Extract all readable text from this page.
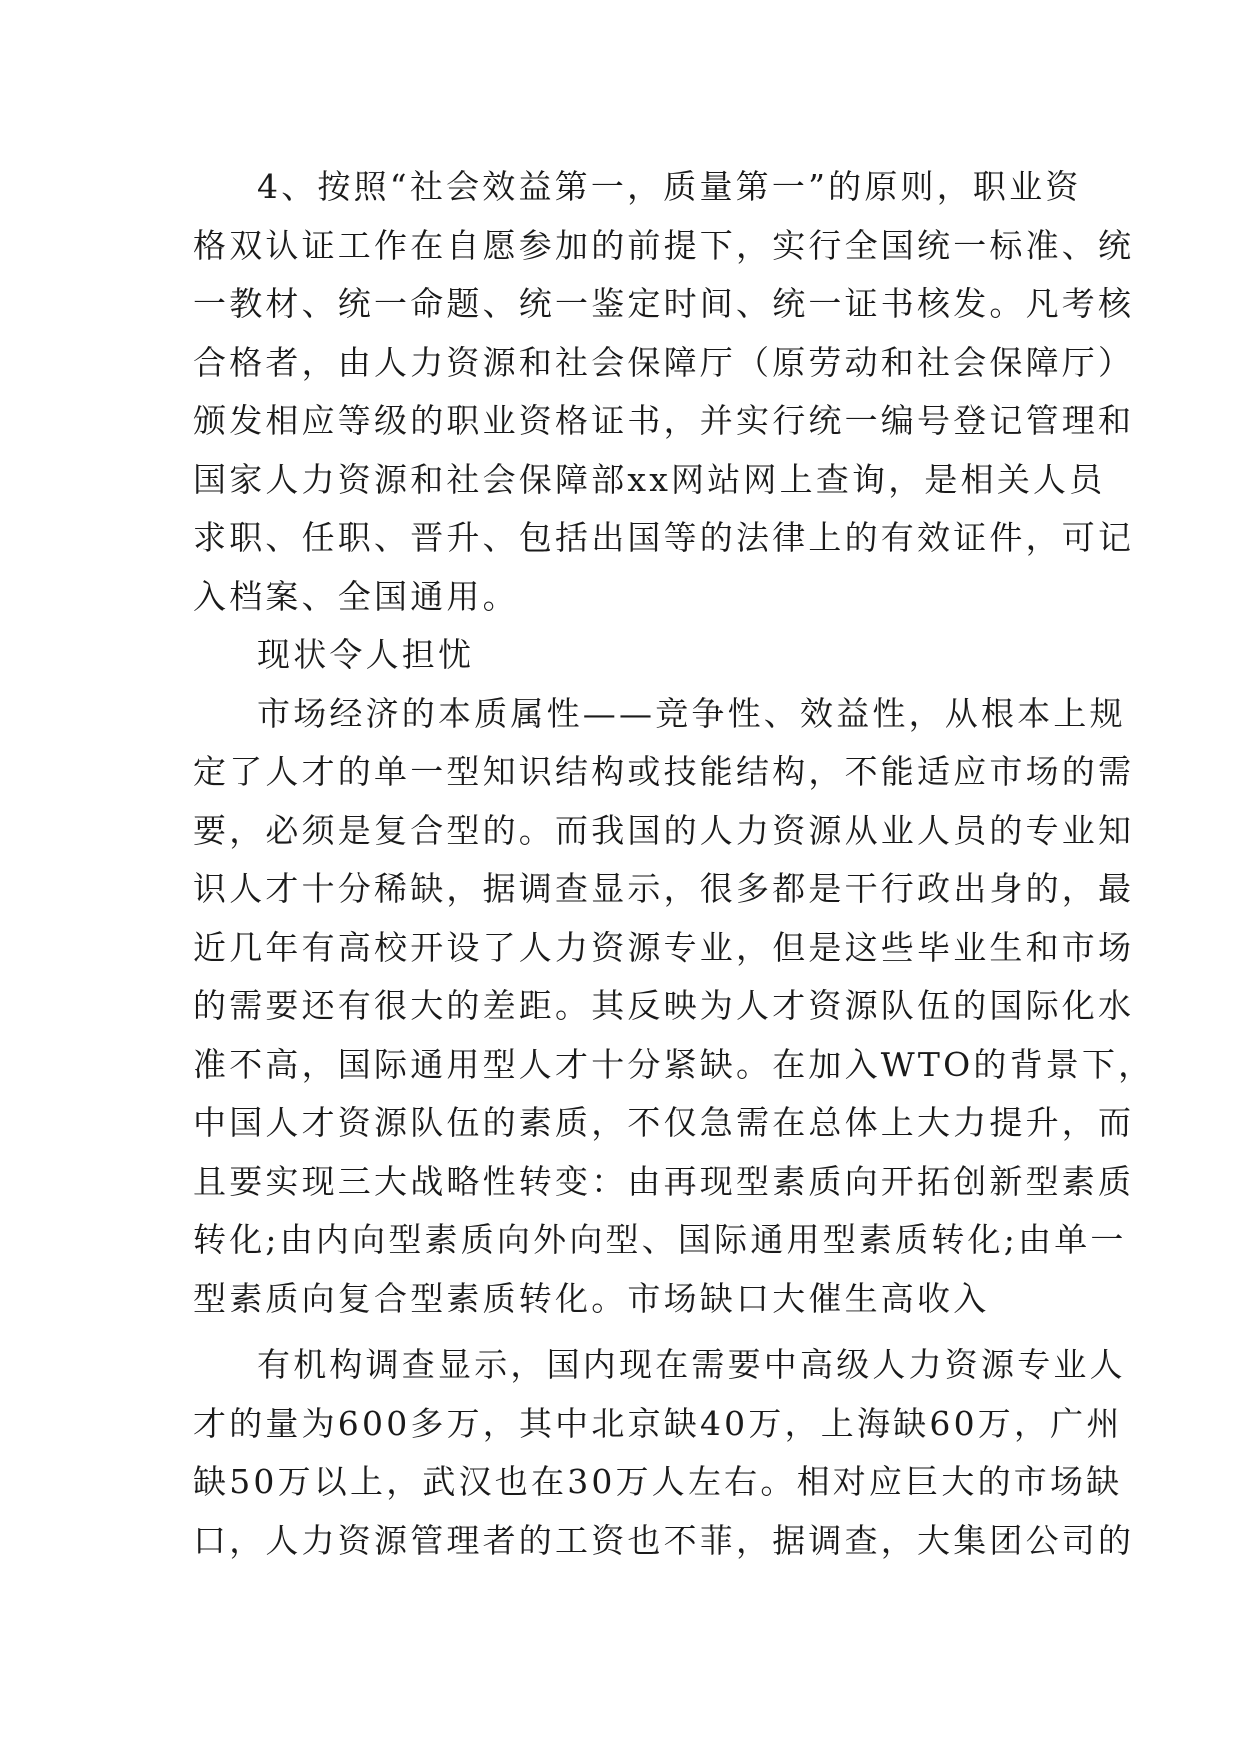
4、按照“社会效益第一，质量第一”的原则，职业资
格双认证工作在自愿参加的前提下，实行全国统一标准、统
一教材、统一命题、统一鉴定时间、统一证书核发。凡考核
合格者，由人力资源和社会保障厅（原劳动和社会保障厅）
颁发相应等级的职业资格证书，并实行统一编号登记管理和
国家人力资源和社会保障部xx网站网上查询，是相关人员
求职、任职、晋升、包括出国等的法律上的有效证件，可记
入档案、全国通用。
现状令人担忧
市场经济的本质属性——竞争性、效益性，从根本上规
定了人才的单一型知识结构或技能结构，不能适应市场的需
要，必须是复合型的。而我国的人力资源从业人员的专业知
识人才十分稀缺，据调查显示，很多都是干行政出身的，最
近几年有高校开设了人力资源专业，但是这些毕业生和市场
的需要还有很大的差距。其反映为人才资源队伍的国际化水
准不高，国际通用型人才十分紧缺。在加入WTO的背景下，
中国人才资源队伍的素质，不仅急需在总体上大力提升，而
且要实现三大战略性转变：由再现型素质向开拓创新型素质
转化;由内向型素质向外向型、国际通用型素质转化;由单一
型素质向复合型素质转化。市场缺口大催生高收入
有机构调查显示，国内现在需要中高级人力资源专业人
才的量为600多万，其中北京缺40万，上海缺60万，广州
缺50万以上，武汉也在30万人左右。相对应巨大的市场缺
口，人力资源管理者的工资也不菲，据调查，大集团公司的
